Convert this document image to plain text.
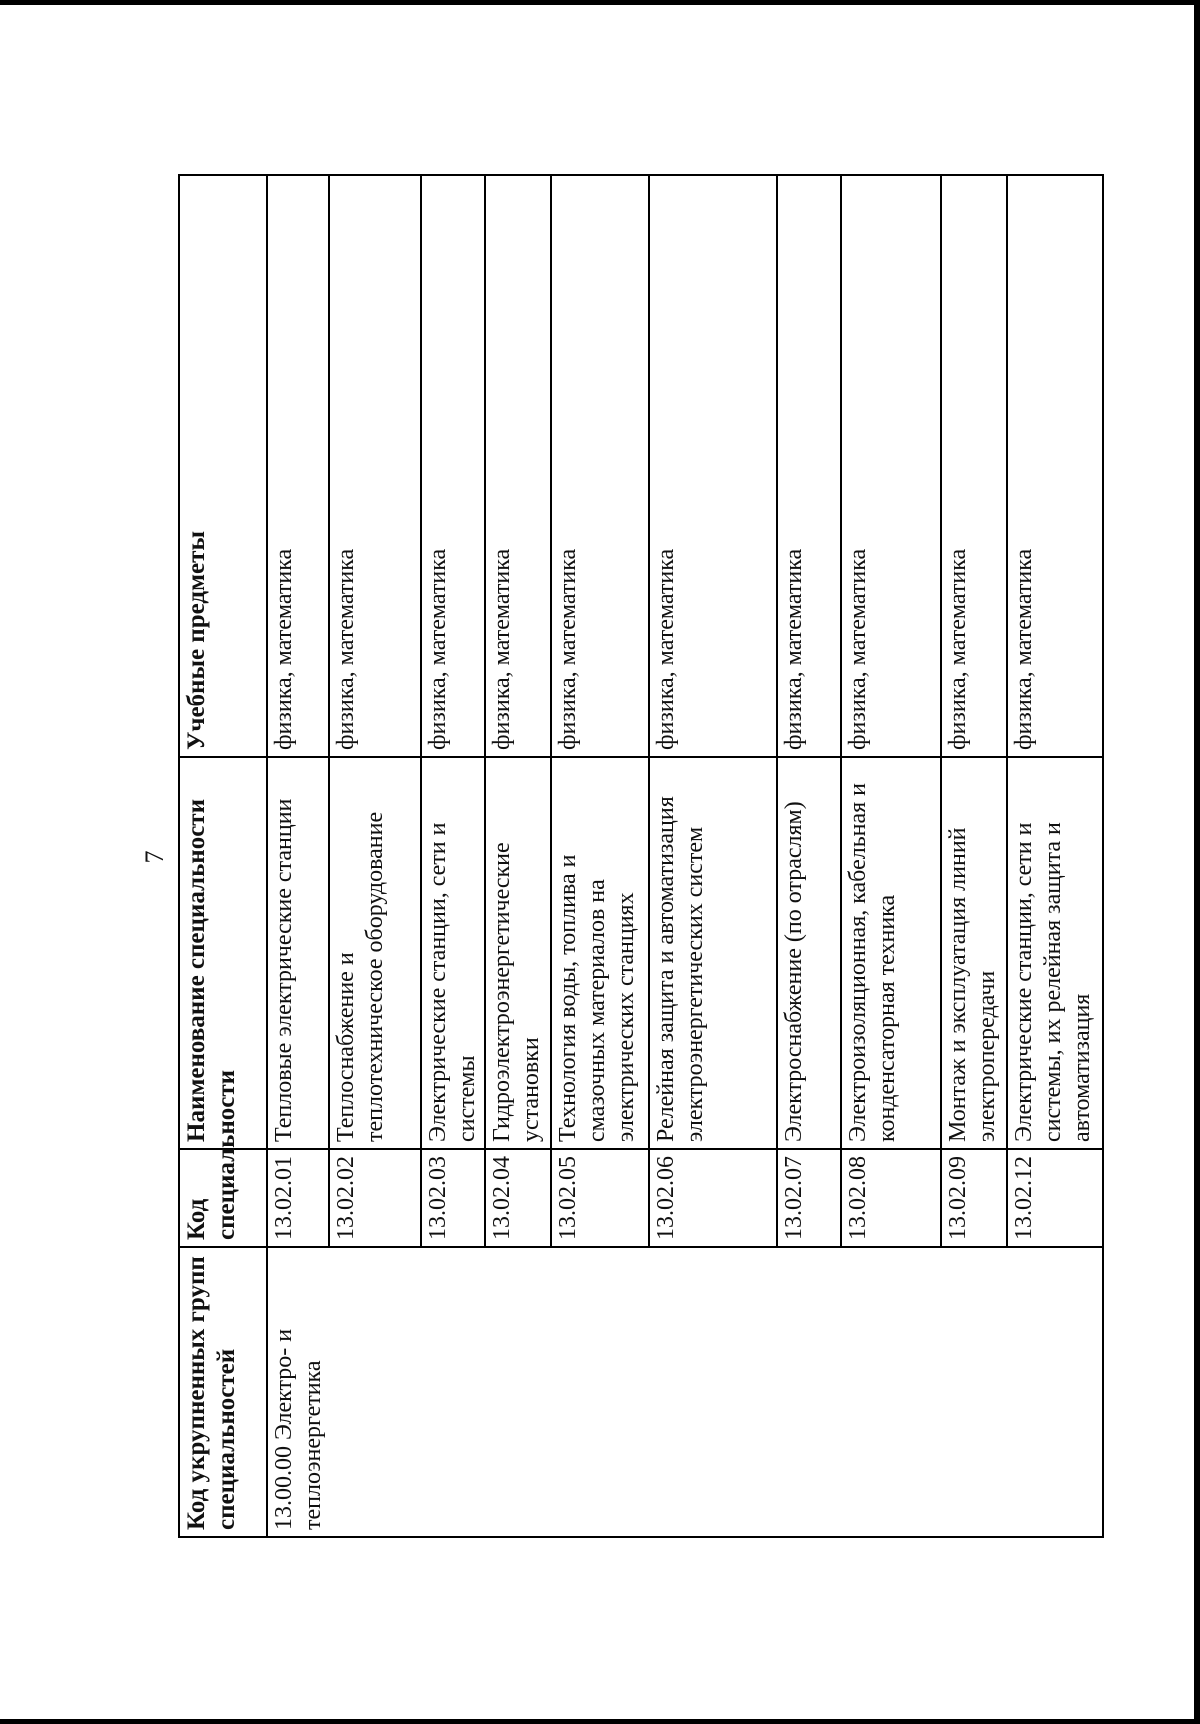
7
Код укрупненных групп специальностей	Код специальности	Наименование специальности	Учебные предметы
13.00.00 Электро- и теплоэнергетика	13.02.01	Тепловые электрические станции	физика, математика
	13.02.02	Теплоснабжение и теплотехническое оборудование	физика, математика
	13.02.03	Электрические станции, сети и системы	физика, математика
	13.02.04	Гидроэлектроэнергетические установки	физика, математика
	13.02.05	Технология воды, топлива и смазочных материалов на электрических станциях	физика, математика
	13.02.06	Релейная защита и автоматизация электроэнергетических систем	физика, математика
	13.02.07	Электроснабжение (по отраслям)	физика, математика
	13.02.08	Электроизоляционная, кабельная и конденсаторная техника	физика, математика
	13.02.09	Монтаж и эксплуатация линий электропередачи	физика, математика
	13.02.12	Электрические станции, сети и системы, их релейная защита и автоматизация	физика, математика
